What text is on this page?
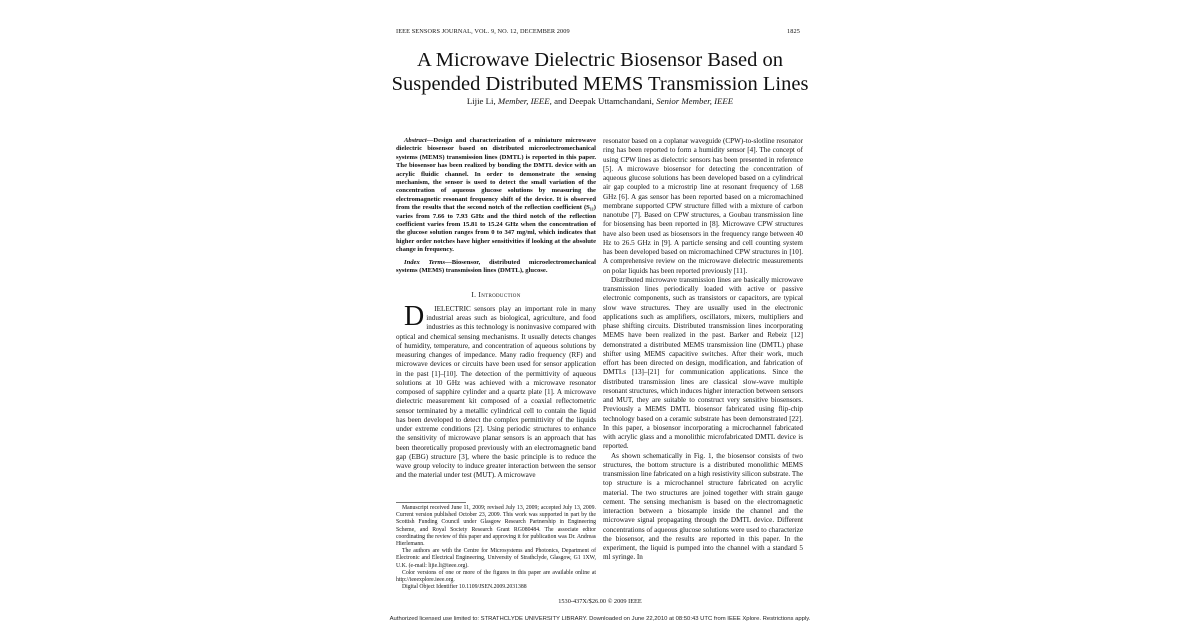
IEEE SENSORS JOURNAL, VOL. 9, NO. 12, DECEMBER 2009	1825
A Microwave Dielectric Biosensor Based on
Suspended Distributed MEMS Transmission Lines
Lijie Li, Member, IEEE, and Deepak Uttamchandani, Senior Member, IEEE

Abstract—Design and characterization of a miniature microwave dielectric biosensor based on distributed microelectromechanical systems (MEMS) transmission lines (DMTL) is reported in this paper. The biosensor has been realized by bonding the DMTL device with an acrylic fluidic channel. In order to demonstrate the sensing mechanism, the sensor is used to detect the small variation of the concentration of aqueous glucose solutions by measuring the electromagnetic resonant frequency shift of the device. It is observed from the results that the second notch of the reflection coefficient (S₁₁) varies from 7.66 to 7.93 GHz and the third notch of the reflection coefficient varies from 15.81 to 15.24 GHz when the concentration of the glucose solution ranges from 0 to 347 mg/ml, which indicates that higher order notches have higher sensitivities if looking at the absolute change in frequency.

Index Terms—Biosensor, distributed microelectromechanical systems (MEMS) transmission lines (DMTL), glucose.

I. Introduction

D IELECTRIC sensors play an important role in many industrial areas such as biological, agriculture, and food industries as this technology is noninvasive compared with optical and chemical sensing mechanisms. It usually detects changes of humidity, temperature, and concentration of aqueous solutions by measuring changes of impedance. Many radio frequency (RF) and microwave devices or circuits have been used for sensor application in the past [1]–[10]. The detection of the permittivity of aqueous solutions at 10 GHz was achieved with a microwave resonator composed of sapphire cylinder and a quartz plate [1]. A microwave dielectric measurement kit composed of a coaxial reflectometric sensor terminated by a metallic cylindrical cell to contain the liquid has been developed to detect the complex permittivity of the liquids under extreme conditions [2]. Using periodic structures to enhance the sensitivity of microwave planar sensors is an approach that has been theoretically proposed previously with an electromagnetic band gap (EBG) structure [3], where the basic principle is to reduce the wave group velocity to induce greater interaction between the sensor and the material under test (MUT). A microwave

Manuscript received June 11, 2009; revised July 13, 2009; accepted July 13, 2009. Current version published October 23, 2009. This work was supported in part by the Scottish Funding Council under Glasgow Research Partnership in Engineering Scheme, and Royal Society Research Grant RG080484. The associate editor coordinating the review of this paper and approving it for publication was Dr. Andreas Hierlemann.

The authors are with the Centre for Microsystems and Photonics, Department of Electronic and Electrical Engineering, University of Strathclyde, Glasgow, G1 1XW, U.K. (e-mail: lijie.li@ieee.org).

Color versions of one or more of the figures in this paper are available online at http://ieeexplore.ieee.org.

Digital Object Identifier 10.1109/JSEN.2009.2031388

resonator based on a coplanar waveguide (CPW)-to-slotline resonator ring has been reported to form a humidity sensor [4]. The concept of using CPW lines as dielectric sensors has been presented in reference [5]. A microwave biosensor for detecting the concentration of aqueous glucose solutions has been developed based on a cylindrical air gap coupled to a microstrip line at resonant frequency of 1.68 GHz [6]. A gas sensor has been reported based on a micromachined membrane supported CPW structure filled with a mixture of carbon nanotube [7]. Based on CPW structures, a Goubau transmission line for biosensing has been reported in [8]. Microwave CPW structures have also been used as biosensors in the frequency range between 40 Hz to 26.5 GHz in [9]. A particle sensing and cell counting system has been developed based on micromachined CPW structures in [10]. A comprehensive review on the microwave dielectric measurements on polar liquids has been reported previously [11].

Distributed microwave transmission lines are basically microwave transmission lines periodically loaded with active or passive electronic components, such as transistors or capacitors, are typical slow wave structures. They are usually used in the electronic applications such as amplifiers, oscillators, mixers, multipliers and phase shifting circuits. Distributed transmission lines incorporating MEMS have been realized in the past. Barker and Rebeiz [12] demonstrated a distributed MEMS transmission line (DMTL) phase shifter using MEMS capacitive switches. After their work, much effort has been directed on design, modification, and fabrication of DMTLs [13]–[21] for communication applications. Since the distributed transmission lines are classical slow-wave multiple resonant structures, which induces higher interaction between sensors and MUT, they are suitable to construct very sensitive biosensors. Previously a MEMS DMTL biosensor fabricated using flip-chip technology based on a ceramic substrate has been demonstrated [22]. In this paper, a biosensor incorporating a microchannel fabricated with acrylic glass and a monolithic microfabricated DMTL device is reported.

As shown schematically in Fig. 1, the biosensor consists of two structures, the bottom structure is a distributed monolithic MEMS transmission line fabricated on a high resistivity silicon substrate. The top structure is a microchannel structure fabricated on acrylic material. The two structures are joined together with strain gauge cement. The sensing mechanism is based on the electromagnetic interaction between a biosample inside the channel and the microwave signal propagating through the DMTL device. Different concentrations of aqueous glucose solutions were used to characterize the biosensor, and the results are reported in this paper. In the experiment, the liquid is pumped into the channel with a standard 5 ml syringe. In

1530-437X/$26.00 © 2009 IEEE
Authorized licensed use limited to: STRATHCLYDE UNIVERSITY LIBRARY. Downloaded on June 22,2010 at 08:50:43 UTC from IEEE Xplore. Restrictions apply.
